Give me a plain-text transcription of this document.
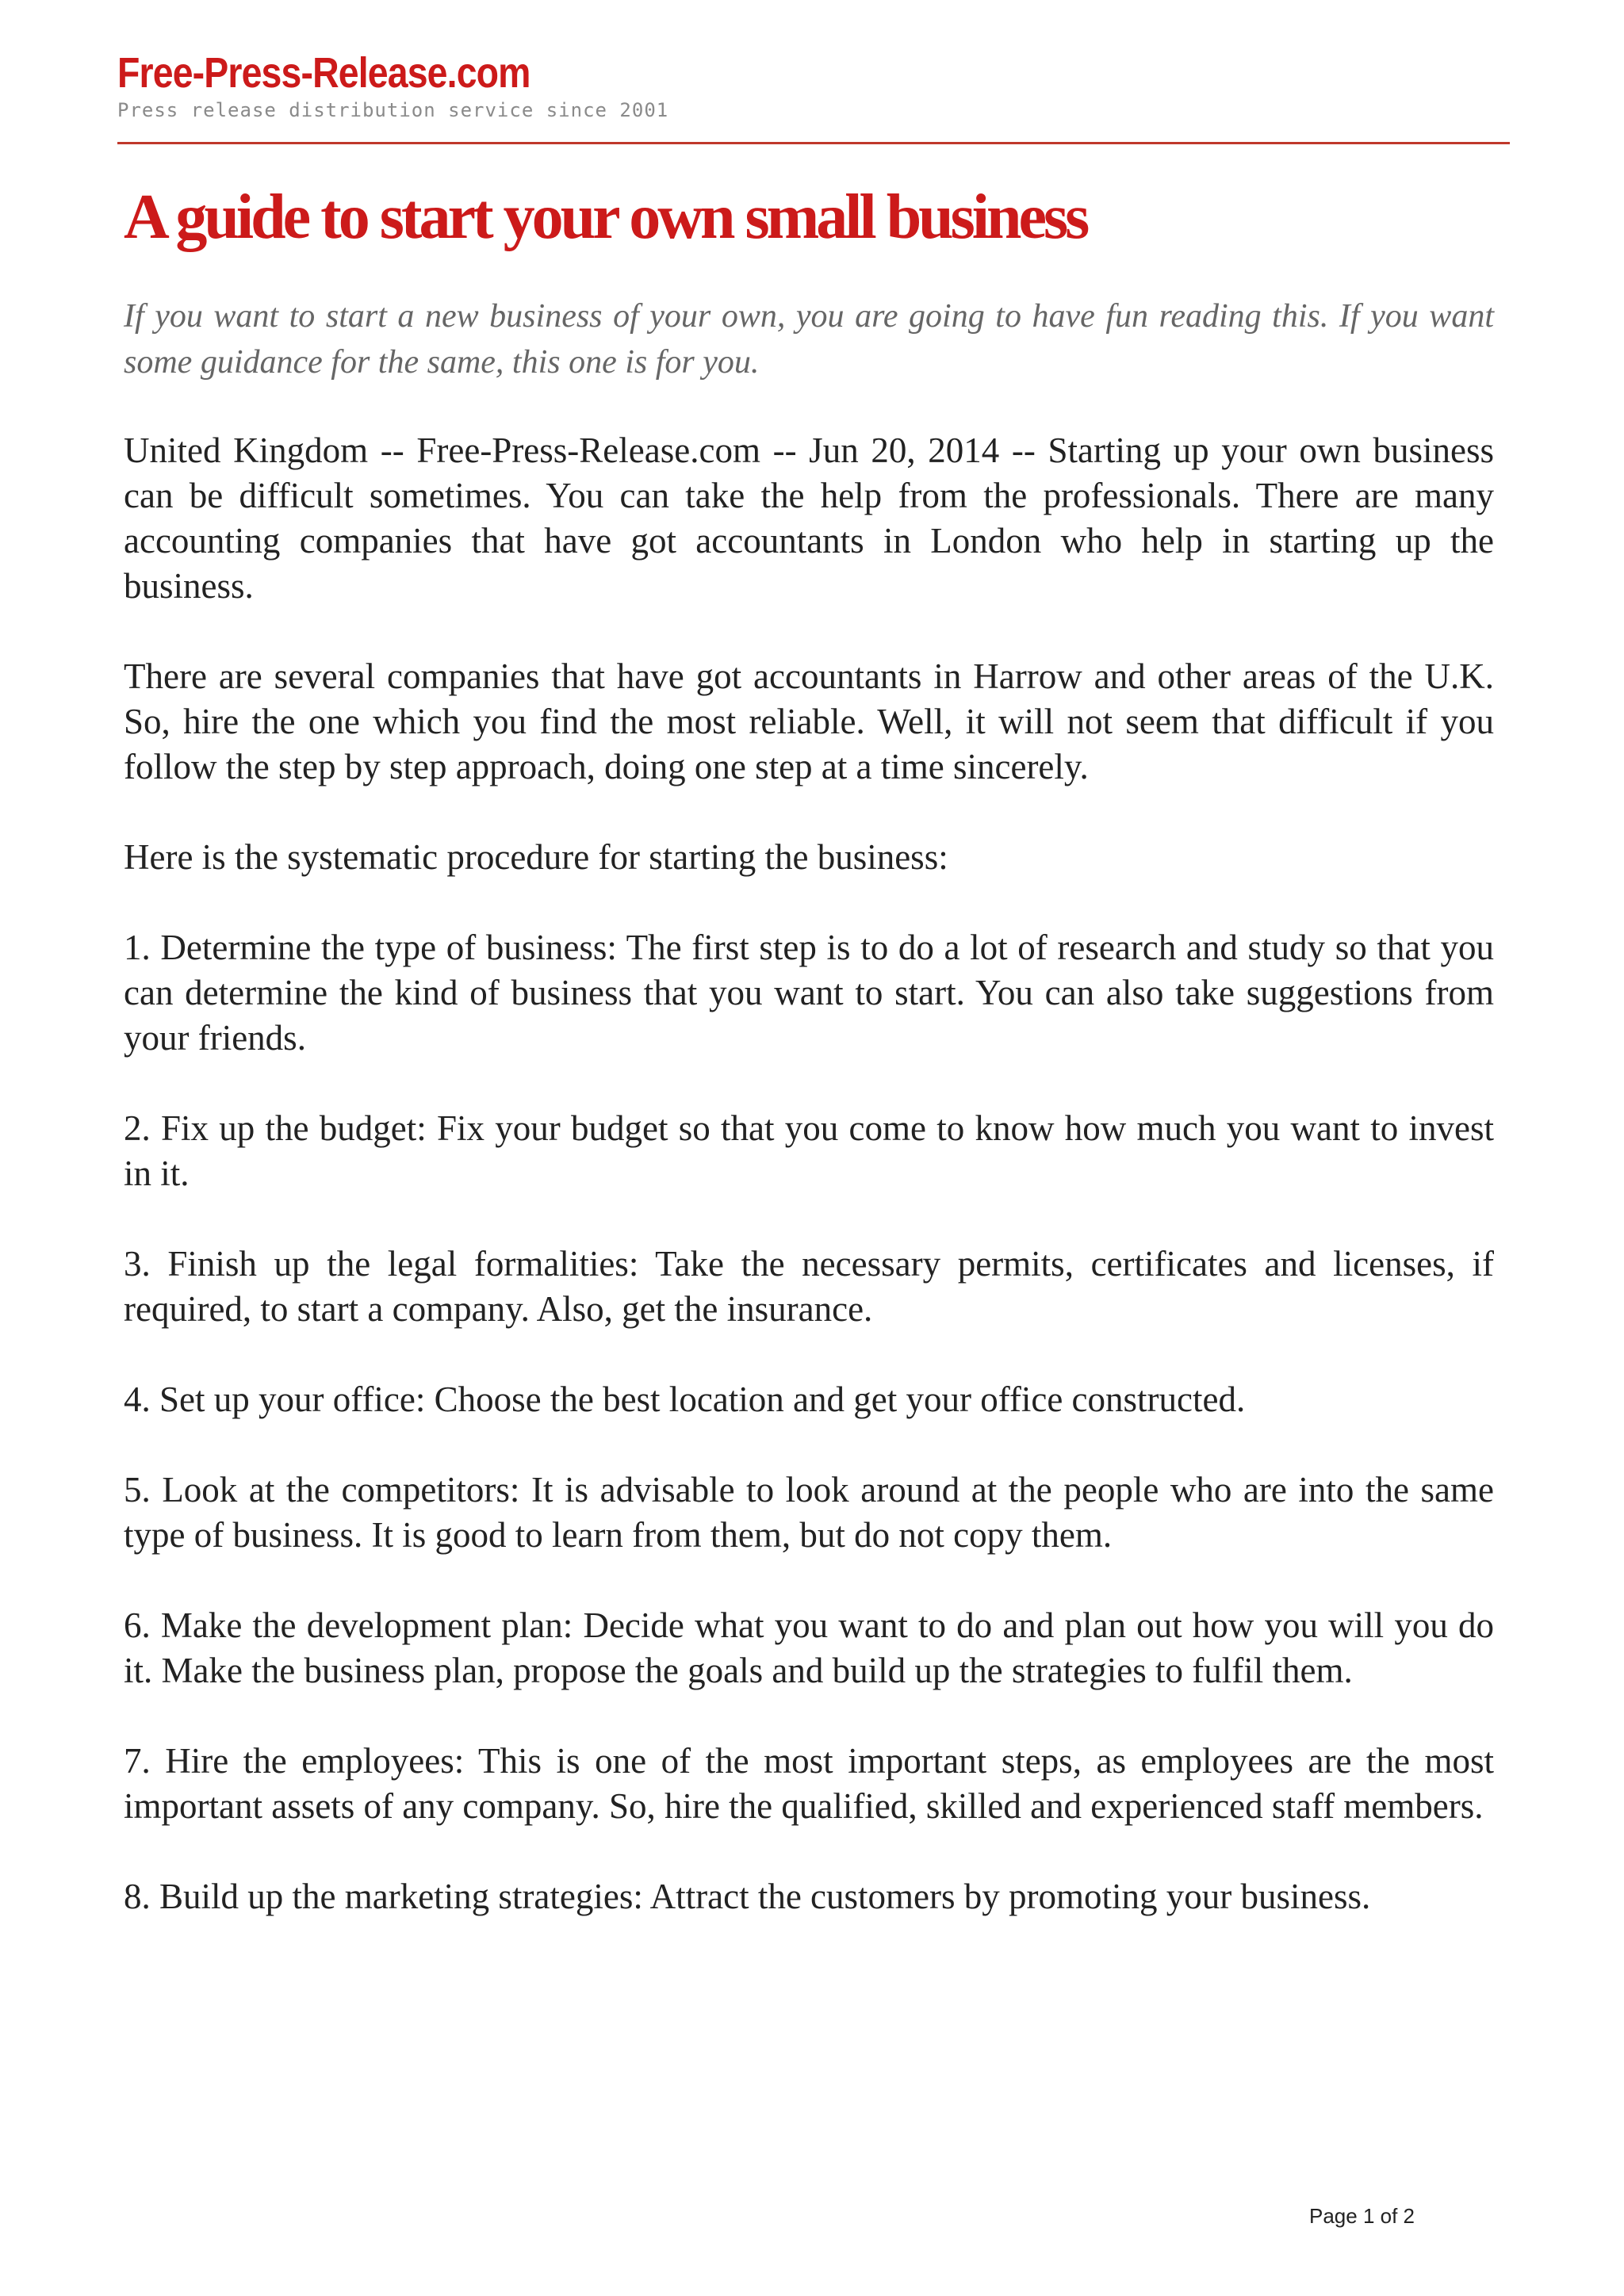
Free-Press-Release.com
Press release distribution service since 2001
A guide to start your own small business

If you want to start a new business of your own, you are going to have fun reading this. If you want some guidance for the same, this one is for you.

United Kingdom -- Free-Press-Release.com -- Jun 20, 2014 -- Starting up your own business can be difficult sometimes. You can take the help from the professionals. There are many accounting companies that have got accountants in London who help in starting up the business.

There are several companies that have got accountants in Harrow and other areas of the U.K. So, hire the one which you find the most reliable. Well, it will not seem that difficult if you follow the step by step approach, doing one step at a time sincerely.

Here is the systematic procedure for starting the business:

1. Determine the type of business: The first step is to do a lot of research and study so that you can determine the kind of business that you want to start. You can also take suggestions from your friends.

2. Fix up the budget: Fix your budget so that you come to know how much you want to invest in it.

3. Finish up the legal formalities: Take the necessary permits, certificates and licenses, if required, to start a company. Also, get the insurance.

4. Set up your office: Choose the best location and get your office constructed.

5. Look at the competitors: It is advisable to look around at the people who are into the same type of business. It is good to learn from them, but do not copy them.

6. Make the development plan: Decide what you want to do and plan out how you will you do it. Make the business plan, propose the goals and build up the strategies to fulfil them.

7. Hire the employees: This is one of the most important steps, as employees are the most important assets of any company. So, hire the qualified, skilled and experienced staff members.

8. Build up the marketing strategies: Attract the customers by promoting your business.

Page 1 of 2
